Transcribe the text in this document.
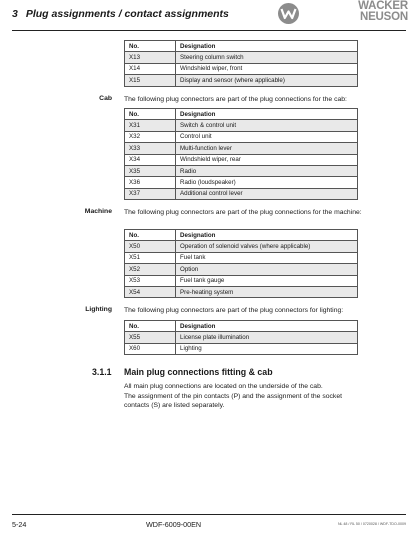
3 Plug assignments / contact assignments
WACKER
NEUSON
No.	Designation
X13	Steering column switch
X14	Windshield wiper, front
X15	Display and sensor (where applicable)
Cab The following plug connectors are part of the plug connections for the cab:
No.	Designation
X31	Switch & control unit
X32	Control unit
X33	Multi-function lever
X34	Windshield wiper, rear
X35	Radio
X36	Radio (loudspeaker)
X37	Additional control lever
Machine The following plug connectors are part of the plug connections for the machine:
No.	Designation
X50	Operation of solenoid valves (where applicable)
X51	Fuel tank
X52	Option
X53	Fuel tank gauge
X54	Pre-heating system
Lighting The following plug connectors are part of the plug connectors for lighting:
No.	Designation
X55	License plate illumination
X60	Lighting
3.1.1 Main plug connections fitting & cab
All main plug connections are located on the underside of the cab.
The assignment of the pin contacts (P) and the assignment of the socket contacts (S) are listed separately.
5-24	WDF-6009-00EN	NL 48 / RL 50 / 0720028 / WDF-TDO-0009
